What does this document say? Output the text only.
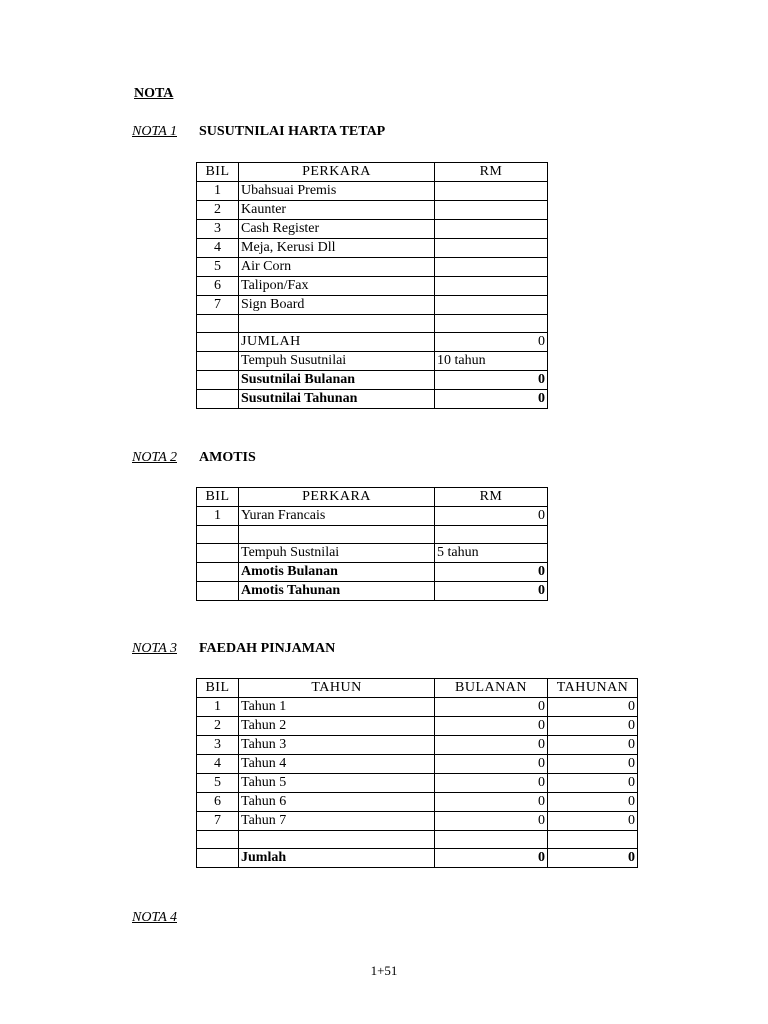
NOTA
NOTA 1 SUSUTNILAI HARTA TETAP
BIL	PERKARA	RM
1	Ubahsuai Premis	
2	Kaunter	
3	Cash Register	
4	Meja, Kerusi Dll	
5	Air Corn	
6	Talipon/Fax	
7	Sign Board	

	JUMLAH	0
	Tempuh Susutnilai	10 tahun
	Susutnilai Bulanan	0
	Susutnilai Tahunan	0
NOTA 2 AMOTIS
BIL	PERKARA	RM
1	Yuran Francais	0

	Tempuh Sustnilai	5 tahun
	Amotis Bulanan	0
	Amotis Tahunan	0
NOTA 3 FAEDAH PINJAMAN
BIL	TAHUN	BULANAN	TAHUNAN
1	Tahun 1	0	0
2	Tahun 2	0	0
3	Tahun 3	0	0
4	Tahun 4	0	0
5	Tahun 5	0	0
6	Tahun 6	0	0
7	Tahun 7	0	0

	Jumlah	0	0
NOTA 4
1+51
